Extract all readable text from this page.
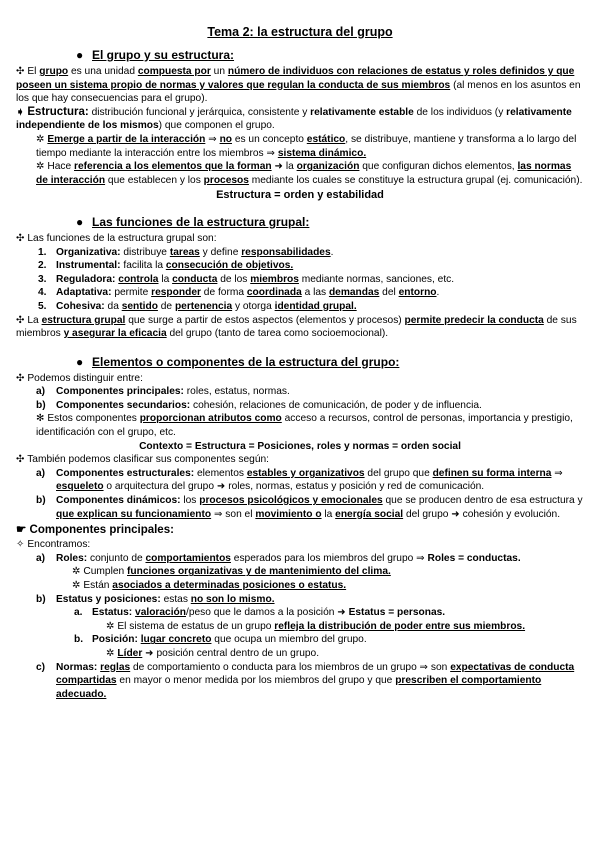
Tema 2: la estructura del grupo
● El grupo y su estructura:

✣ El grupo es una unidad compuesta por un número de individuos con relaciones de estatus y roles definidos y que poseen un sistema propio de normas y valores que regulan la conducta de sus miembros (al menos en los asuntos en los que hay consecuencias para el grupo).

➧ Estructura: distribución funcional y jerárquica, consistente y relativamente estable de los individuos (y relativamente independiente de los mismos) que componen el grupo.

✲ Emerge a partir de la interacción ⇒ no es un concepto estático, se distribuye, mantiene y transforma a lo largo del tiempo mediante la interacción entre los miembros ⇒ sistema dinámico.

✲ Hace referencia a los elementos que la forman ➜ la organización que configuran dichos elementos, las normas de interacción que establecen y los procesos mediante los cuales se constituye la estructura grupal (ej. comunicación).

Estructura = orden y estabilidad

● Las funciones de la estructura grupal:

✣ Las funciones de la estructura grupal son:

1. Organizativa: distribuye tareas y define responsabilidades.
2. Instrumental: facilita la consecución de objetivos.
3. Reguladora: controla la conducta de los miembros mediante normas, sanciones, etc.
4. Adaptativa: permite responder de forma coordinada a las demandas del entorno.
5. Cohesiva: da sentido de pertenencia y otorga identidad grupal.

✣ La estructura grupal que surge a partir de estos aspectos (elementos y procesos) permite predecir la conducta de sus miembros y asegurar la eficacia del grupo (tanto de tarea como socioemocional).

● Elementos o componentes de la estructura del grupo:

✣ Podemos distinguir entre:

a) Componentes principales: roles, estatus, normas.
b) Componentes secundarios: cohesión, relaciones de comunicación, de poder y de influencia.

✻ Estos componentes proporcionan atributos como acceso a recursos, control de personas, importancia y prestigio, identificación con el grupo, etc.

Contexto = Estructura = Posiciones, roles y normas = orden social

✣ También podemos clasificar sus componentes según:

a) Componentes estructurales: elementos estables y organizativos del grupo que definen su forma interna ⇒ esqueleto o arquitectura del grupo ➜ roles, normas, estatus y posición y red de comunicación.
b) Componentes dinámicos: los procesos psicológicos y emocionales que se producen dentro de esa estructura y que explican su funcionamiento ⇒ son el movimiento o la energía social del grupo ➜ cohesión y evolución.
☛ Componentes principales:

✧ Encontramos:

a) Roles: conjunto de comportamientos esperados para los miembros del grupo ⇒ Roles = conductas.

✲ Cumplen funciones organizativas y de mantenimiento del clima.

✲ Están asociados a determinadas posiciones o estatus.

b) Estatus y posiciones: estas no son lo mismo.
a. Estatus: valoración/peso que le damos a la posición ➜ Estatus = personas.

✲ El sistema de estatus de un grupo refleja la distribución de poder entre sus miembros.

b. Posición: lugar concreto que ocupa un miembro del grupo.

✲ Líder ➜ posición central dentro de un grupo.

c) Normas: reglas de comportamiento o conducta para los miembros de un grupo ⇒ son expectativas de conducta compartidas en mayor o menor medida por los miembros del grupo y que prescriben el comportamiento adecuado.
